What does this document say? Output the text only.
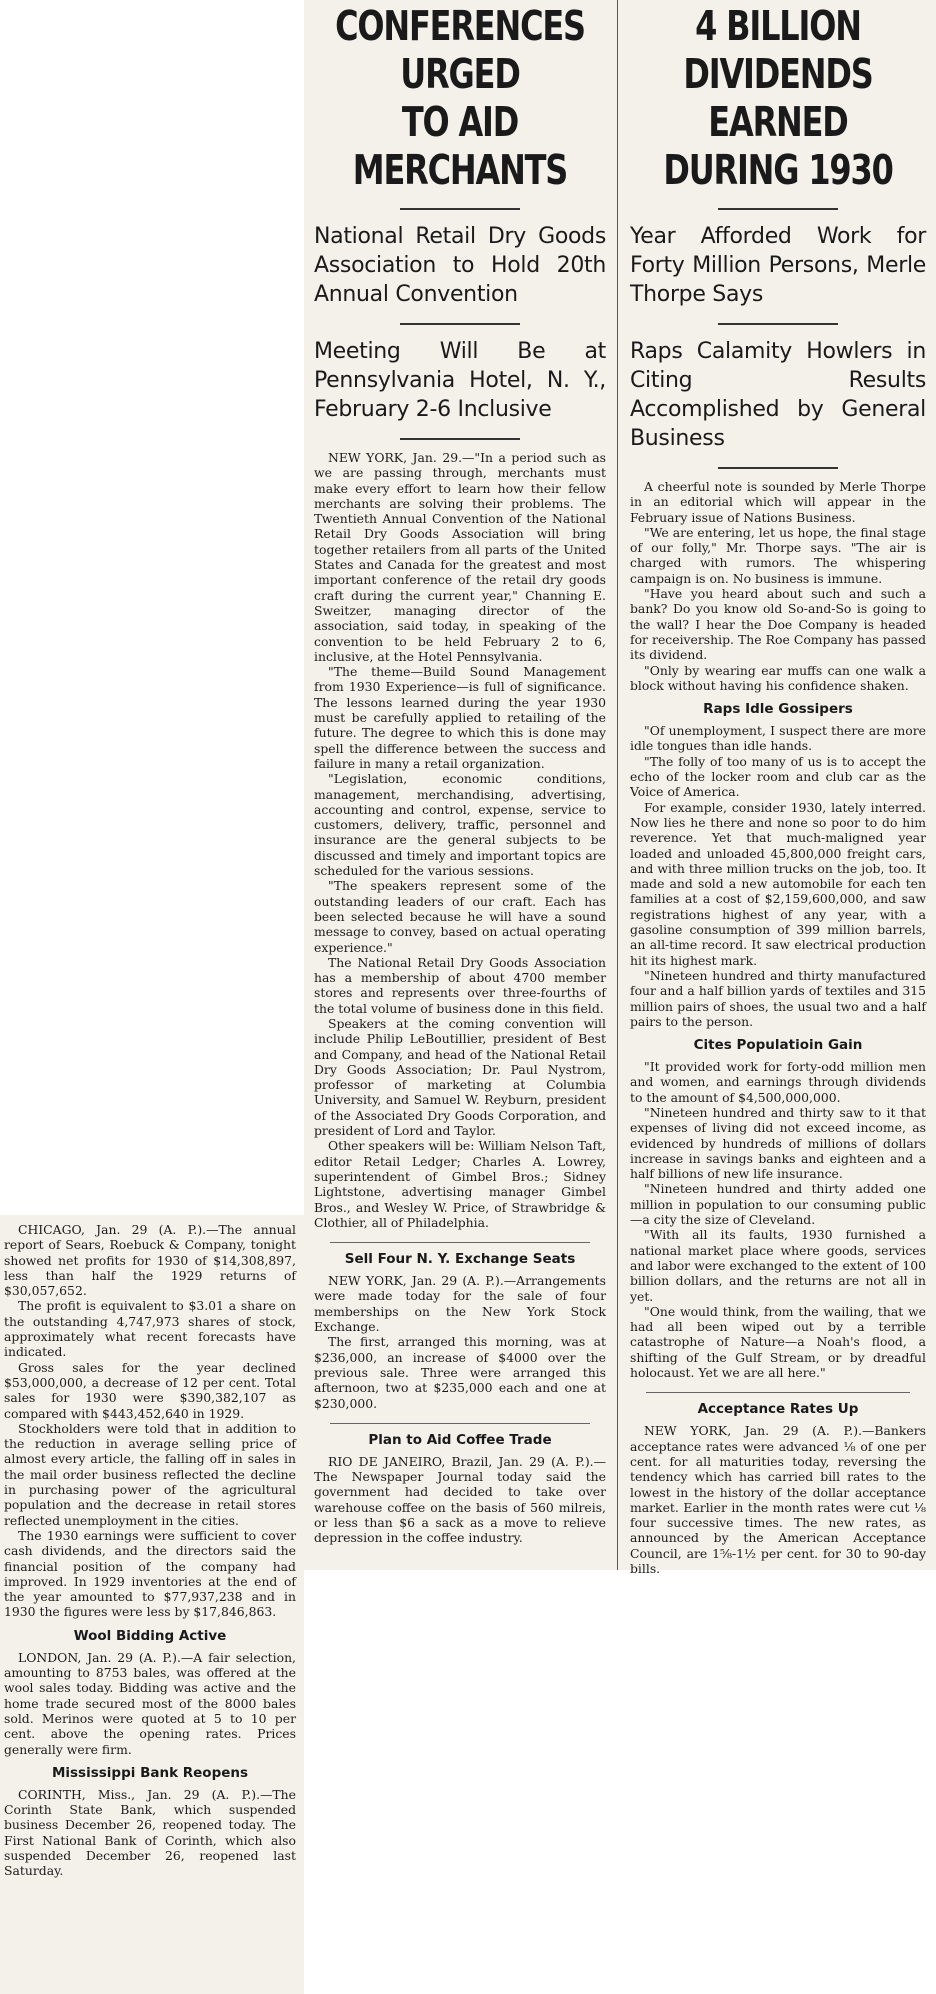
CHICAGO, Jan. 29 (A. P.).—The annual report of Sears, Roebuck & Company, tonight showed net profits for 1930 of $14,308,897, less than half the 1929 returns of $30,057,652.

The profit is equivalent to $3.01 a share on the outstanding 4,747,973 shares of stock, approximately what recent forecasts have indicated.

Gross sales for the year declined $53,000,000, a decrease of 12 per cent. Total sales for 1930 were $390,382,107 as compared with $443,452,640 in 1929.

Stockholders were told that in addition to the reduction in average selling price of almost every article, the falling off in sales in the mail order business reflected the decline in purchasing power of the agricultural population and the decrease in retail stores reflected unemployment in the cities.

The 1930 earnings were sufficient to cover cash dividends, and the directors said the financial position of the company had improved. In 1929 inventories at the end of the year amounted to $77,937,238 and in 1930 the figures were less by $17,846,863.

Wool Bidding Active

LONDON, Jan. 29 (A. P.).—A fair selection, amounting to 8753 bales, was offered at the wool sales today. Bidding was active and the home trade secured most of the 8000 bales sold. Merinos were quoted at 5 to 10 per cent. above the opening rates. Prices generally were firm.

Mississippi Bank Reopens

CORINTH, Miss., Jan. 29 (A. P.).—The Corinth State Bank, which suspended business December 26, reopened today. The First National Bank of Corinth, which also suspended December 26, reopened last Saturday.

CONFERENCES URGED
TO AID MERCHANTS
National Retail Dry Goods Association to Hold 20th Annual Convention
Meeting Will Be at Pennsylvania Hotel, N. Y., February 2-6 Inclusive

NEW YORK, Jan. 29.—"In a period such as we are passing through, merchants must make every effort to learn how their fellow merchants are solving their problems. The Twentieth Annual Convention of the National Retail Dry Goods Association will bring together retailers from all parts of the United States and Canada for the greatest and most important conference of the retail dry goods craft during the current year," Channing E. Sweitzer, managing director of the association, said today, in speaking of the convention to be held February 2 to 6, inclusive, at the Hotel Pennsylvania.

"The theme—Build Sound Management from 1930 Experience—is full of significance. The lessons learned during the year 1930 must be carefully applied to retailing of the future. The degree to which this is done may spell the difference between the success and failure in many a retail organization.

"Legislation, economic conditions, management, merchandising, advertising, accounting and control, expense, service to customers, delivery, traffic, personnel and insurance are the general subjects to be discussed and timely and important topics are scheduled for the various sessions.

"The speakers represent some of the outstanding leaders of our craft. Each has been selected because he will have a sound message to convey, based on actual operating experience."

The National Retail Dry Goods Association has a membership of about 4700 member stores and represents over three-fourths of the total volume of business done in this field.

Speakers at the coming convention will include Philip LeBoutillier, president of Best and Company, and head of the National Retail Dry Goods Association; Dr. Paul Nystrom, professor of marketing at Columbia University, and Samuel W. Reyburn, president of the Associated Dry Goods Corporation, and president of Lord and Taylor.

Other speakers will be: William Nelson Taft, editor Retail Ledger; Charles A. Lowrey, superintendent of Gimbel Bros.; Sidney Lightstone, advertising manager Gimbel Bros., and Wesley W. Price, of Strawbridge & Clothier, all of Philadelphia.

Sell Four N. Y. Exchange Seats

NEW YORK, Jan. 29 (A. P.).—Arrangements were made today for the sale of four memberships on the New York Stock Exchange.

The first, arranged this morning, was at $236,000, an increase of $4000 over the previous sale. Three were arranged this afternoon, two at $235,000 each and one at $230,000.

Plan to Aid Coffee Trade

RIO DE JANEIRO, Brazil, Jan. 29 (A. P.).—The Newspaper Journal today said the government had decided to take over warehouse coffee on the basis of 560 milreis, or less than $6 a sack as a move to relieve depression in the coffee industry.

4 BILLION DIVIDENDS
EARNED DURING 1930
Year Afforded Work for Forty Million Persons, Merle Thorpe Says
Raps Calamity Howlers in Citing Results Accomplished by General Business

A cheerful note is sounded by Merle Thorpe in an editorial which will appear in the February issue of Nations Business.

"We are entering, let us hope, the final stage of our folly," Mr. Thorpe says. "The air is charged with rumors. The whispering campaign is on. No business is immune.

"Have you heard about such and such a bank? Do you know old So-and-So is going to the wall? I hear the Doe Company is headed for receivership. The Roe Company has passed its dividend.

"Only by wearing ear muffs can one walk a block without having his confidence shaken.

Raps Idle Gossipers

"Of unemployment, I suspect there are more idle tongues than idle hands.

"The folly of too many of us is to accept the echo of the locker room and club car as the Voice of America.

For example, consider 1930, lately interred. Now lies he there and none so poor to do him reverence. Yet that much-maligned year loaded and unloaded 45,800,000 freight cars, and with three million trucks on the job, too. It made and sold a new automobile for each ten families at a cost of $2,159,600,000, and saw registrations highest of any year, with a gasoline consumption of 399 million barrels, an all-time record. It saw electrical production hit its highest mark.

"Nineteen hundred and thirty manufactured four and a half billion yards of textiles and 315 million pairs of shoes, the usual two and a half pairs to the person.

Cites Populatioin Gain

"It provided work for forty-odd million men and women, and earnings through dividends to the amount of $4,500,000,000.

"Nineteen hundred and thirty saw to it that expenses of living did not exceed income, as evidenced by hundreds of millions of dollars increase in savings banks and eighteen and a half billions of new life insurance.

"Nineteen hundred and thirty added one million in population to our consuming public—a city the size of Cleveland.

"With all its faults, 1930 furnished a national market place where goods, services and labor were exchanged to the extent of 100 billion dollars, and the returns are not all in yet.

"One would think, from the wailing, that we had all been wiped out by a terrible catastrophe of Nature—a Noah's flood, a shifting of the Gulf Stream, or by dreadful holocaust. Yet we are all here."

Acceptance Rates Up

NEW YORK, Jan. 29 (A. P.).—Bankers acceptance rates were advanced ⅛ of one per cent. for all maturities today, reversing the tendency which has carried bill rates to the lowest in the history of the dollar acceptance market. Earlier in the month rates were cut ⅛ four successive times. The new rates, as announced by the American Acceptance Council, are 1⅝-1½ per cent. for 30 to 90-day bills.
